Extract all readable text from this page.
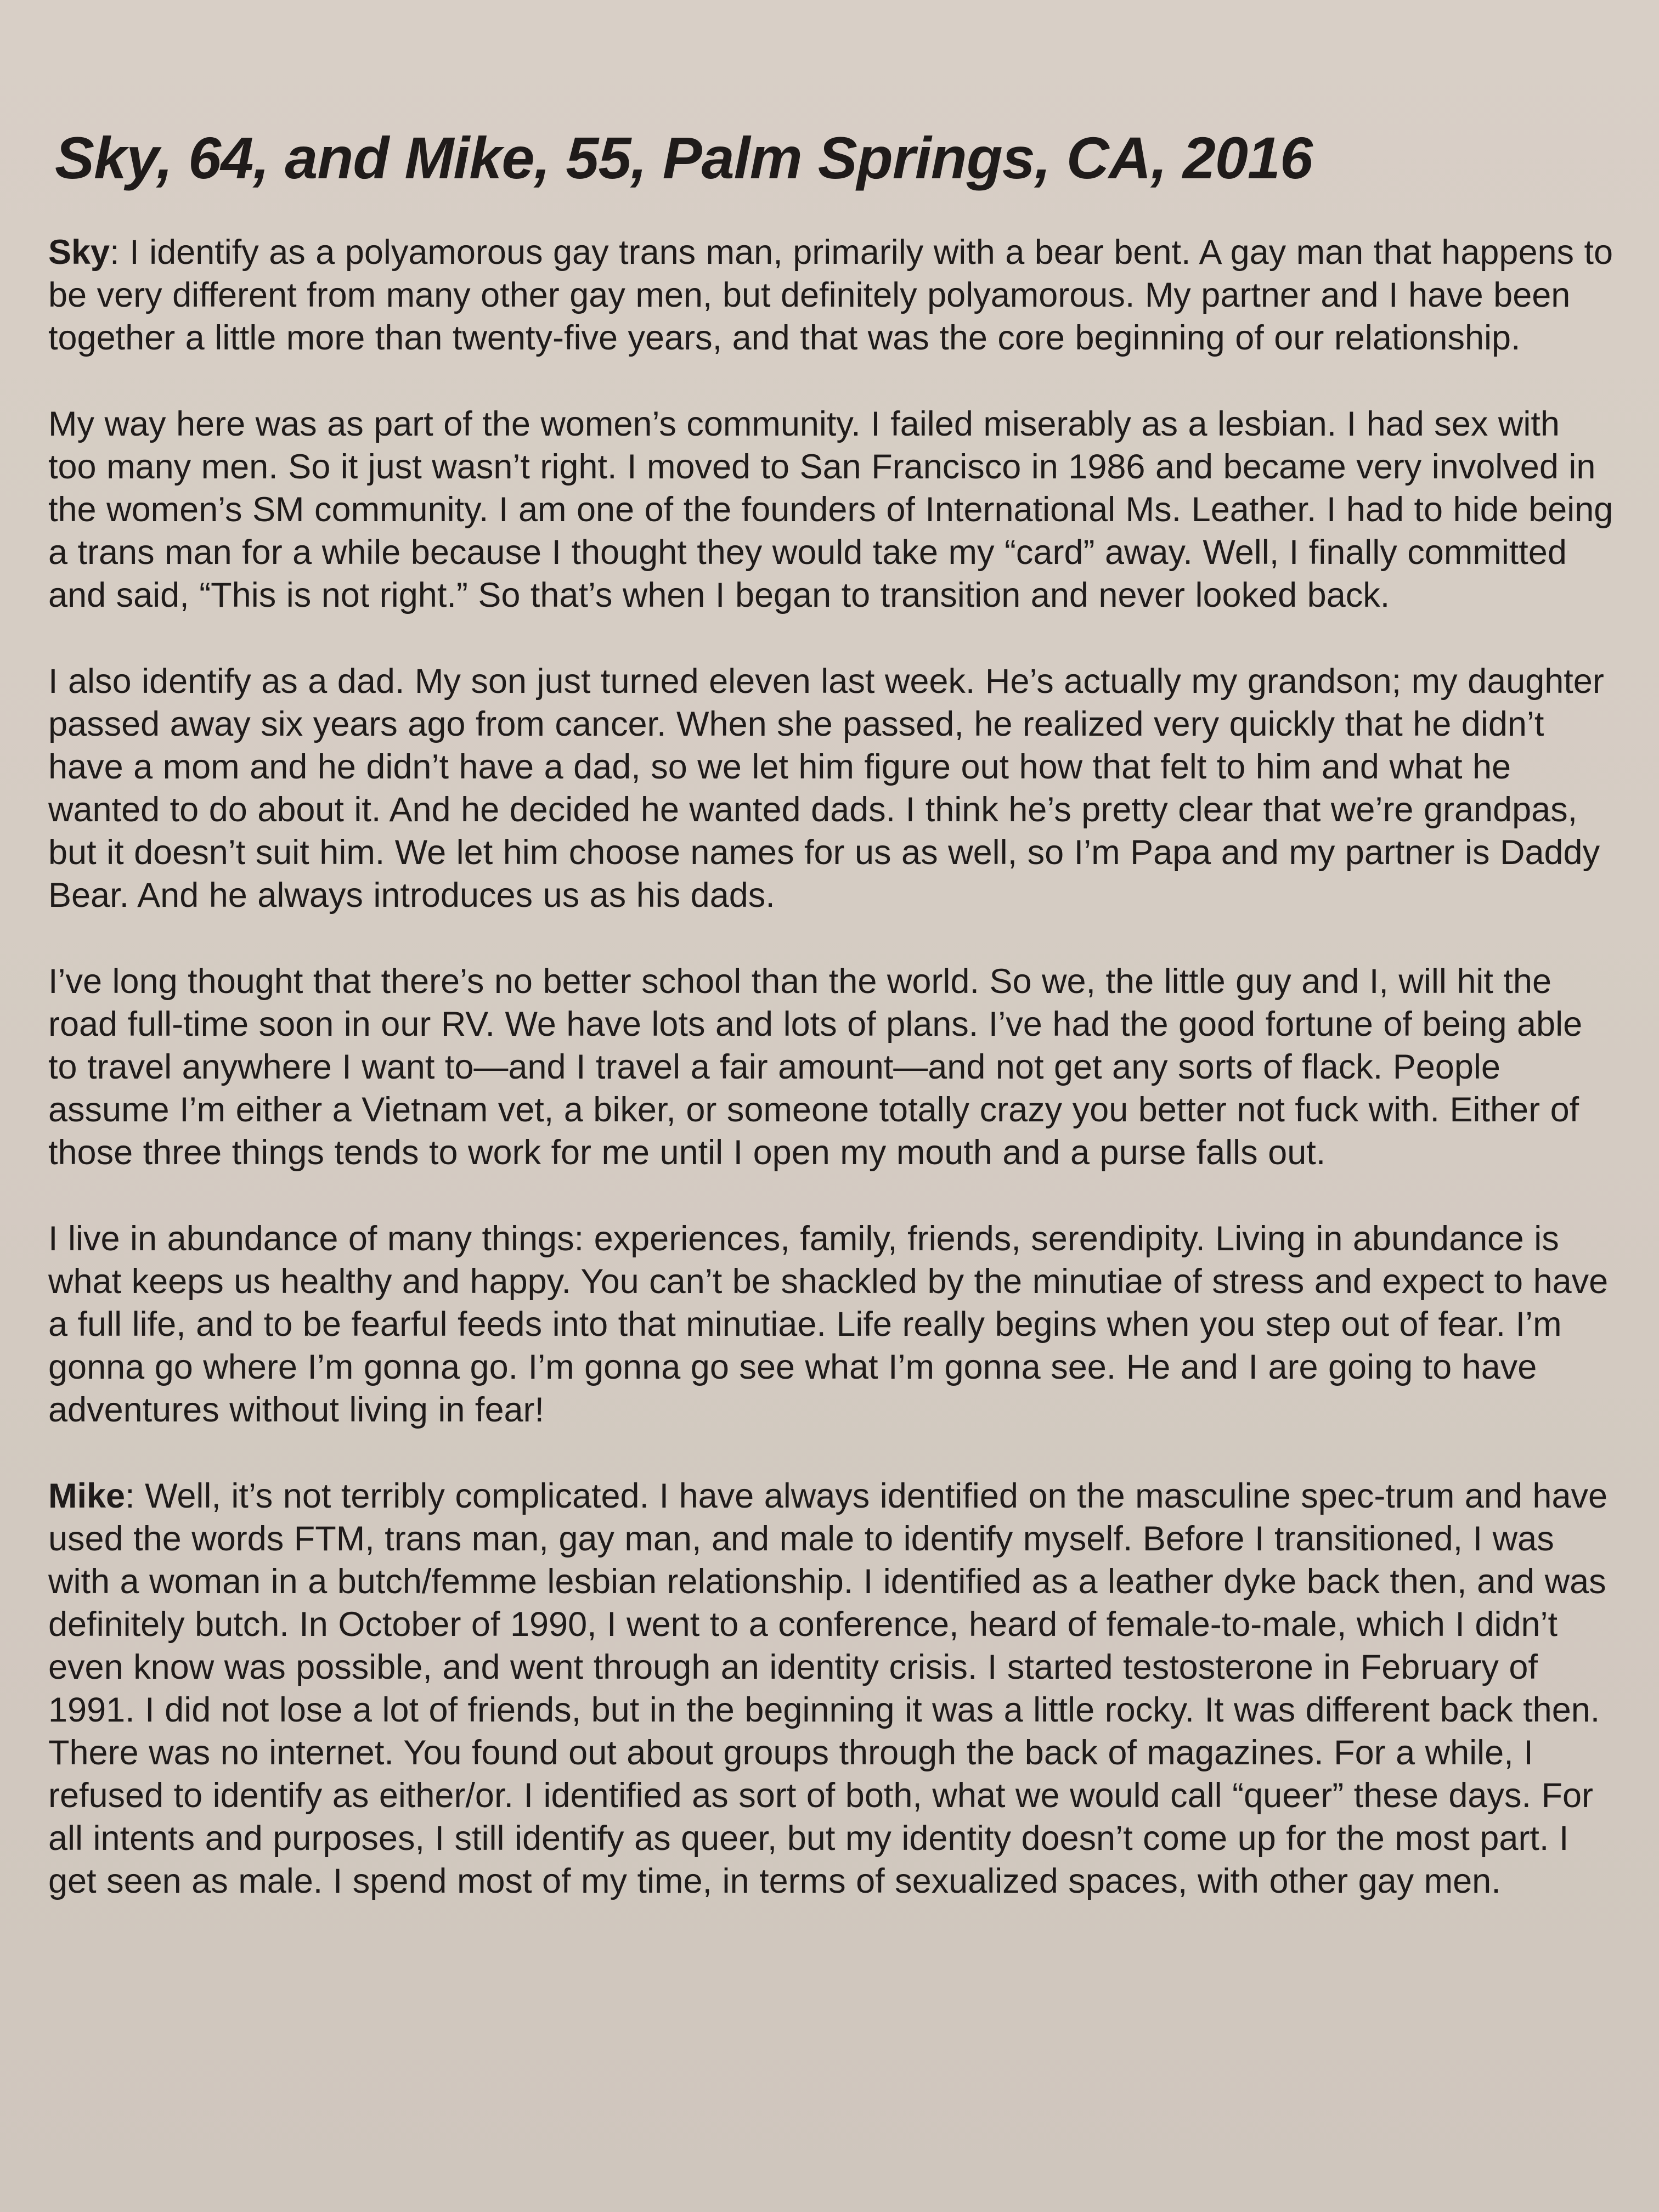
Sky, 64, and Mike, 55, Palm Springs, CA, 2016

Sky: I identify as a polyamorous gay trans man, primarily with a bear bent. A gay man that happens to be very different from many other gay men, but definitely polyamorous. My partner and I have been together a little more than twenty-five years, and that was the core beginning of our relationship.

My way here was as part of the women’s community. I failed miserably as a lesbian. I had sex with too many men. So it just wasn’t right. I moved to San Francisco in 1986 and became very involved in the women’s SM community. I am one of the founders of International Ms. Leather. I had to hide being a trans man for a while because I thought they would take my “card” away. Well, I finally committed and said, “This is not right.” So that’s when I began to transition and never looked back.

I also identify as a dad. My son just turned eleven last week. He’s actually my grandson; my daughter passed away six years ago from cancer. When she passed, he realized very quickly that he didn’t have a mom and he didn’t have a dad, so we let him figure out how that felt to him and what he wanted to do about it. And he decided he wanted dads. I think he’s pretty clear that we’re grandpas, but it doesn’t suit him. We let him choose names for us as well, so I’m Papa and my partner is Daddy Bear. And he always introduces us as his dads.

I’ve long thought that there’s no better school than the world. So we, the little guy and I, will hit the road full-time soon in our RV. We have lots and lots of plans. I’ve had the good fortune of being able to travel anywhere I want to—and I travel a fair amount—and not get any sorts of flack. People assume I’m either a Vietnam vet, a biker, or someone totally crazy you better not fuck with. Either of those three things tends to work for me until I open my mouth and a purse falls out.

I live in abundance of many things: experiences, family, friends, serendipity. Living in abundance is what keeps us healthy and happy. You can’t be shackled by the minutiae of stress and expect to have a full life, and to be fearful feeds into that minutiae. Life really begins when you step out of fear. I’m gonna go where I’m gonna go. I’m gonna go see what I’m gonna see. He and I are going to have adventures without living in fear!

Mike: Well, it’s not terribly complicated. I have always identified on the masculine spec-trum and have used the words FTM, trans man, gay man, and male to identify myself. Before I transitioned, I was with a woman in a butch/femme lesbian relationship. I identified as a leather dyke back then, and was definitely butch. In October of 1990, I went to a conference, heard of female-to-male, which I didn’t even know was possible, and went through an identity crisis. I started testosterone in February of 1991. I did not lose a lot of friends, but in the beginning it was a little rocky. It was different back then. There was no internet. You found out about groups through the back of magazines. For a while, I refused to identify as either/or. I identified as sort of both, what we would call “queer” these days. For all intents and purposes, I still identify as queer, but my identity doesn’t come up for the most part. I get seen as male. I spend most of my time, in terms of sexualized spaces, with other gay men.
